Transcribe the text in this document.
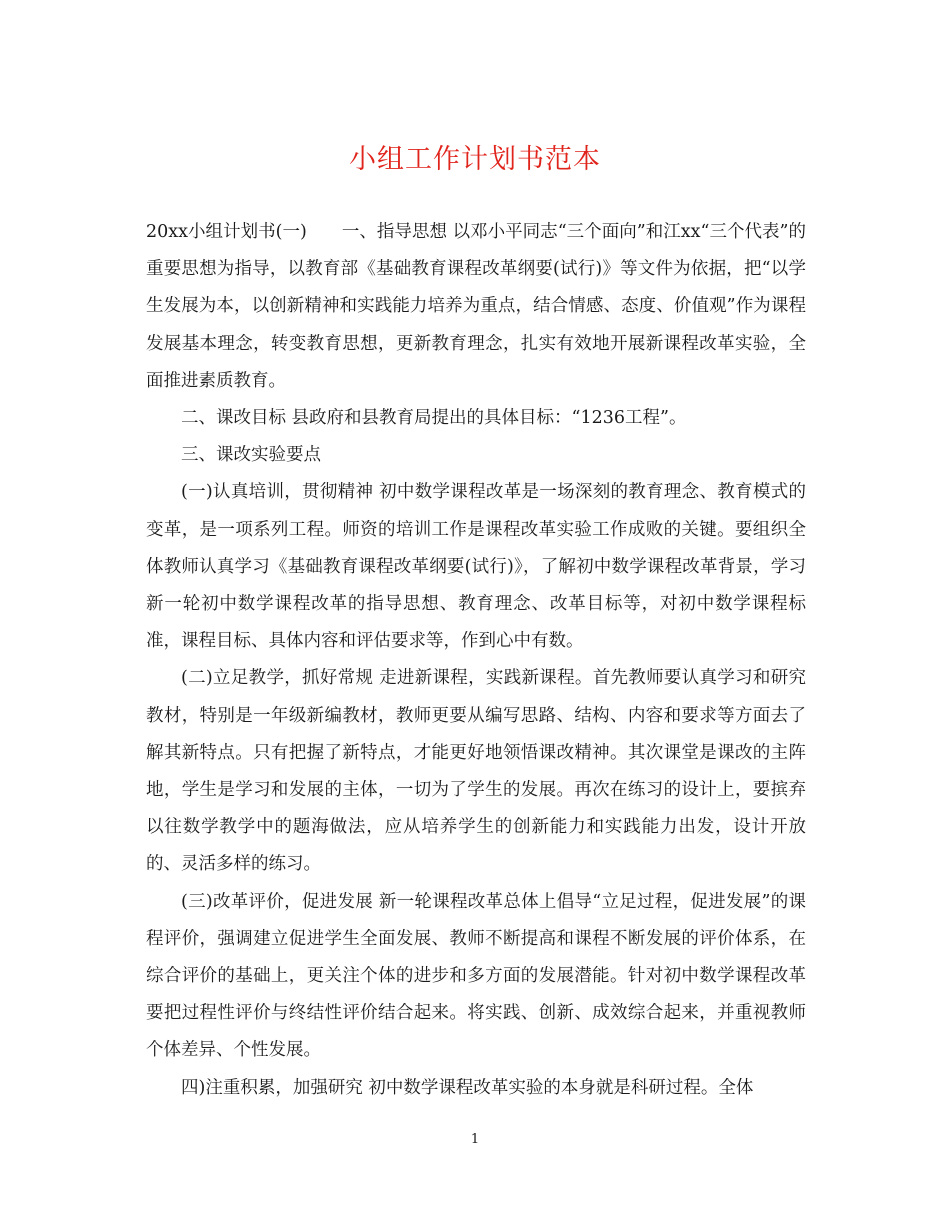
小组工作计划书范本

20xx小组计划书(一)　　一、指导思想 以邓小平同志“三个面向”和江xx“三个代表”的重要思想为指导，以教育部《基础教育课程改革纲要(试行)》等文件为依据，把“以学生发展为本，以创新精神和实践能力培养为重点，结合情感、态度、价值观”作为课程发展基本理念，转变教育思想，更新教育理念，扎实有效地开展新课程改革实验，全面推进素质教育。

二、课改目标 县政府和县教育局提出的具体目标：“1236工程”。

三、课改实验要点

(一)认真培训，贯彻精神 初中数学课程改革是一场深刻的教育理念、教育模式的变革，是一项系列工程。师资的培训工作是课程改革实验工作成败的关键。要组织全体教师认真学习《基础教育课程改革纲要(试行)》，了解初中数学课程改革背景，学习新一轮初中数学课程改革的指导思想、教育理念、改革目标等，对初中数学课程标准，课程目标、具体内容和评估要求等，作到心中有数。

(二)立足教学，抓好常规 走进新课程，实践新课程。首先教师要认真学习和研究教材，特别是一年级新编教材，教师更要从编写思路、结构、内容和要求等方面去了解其新特点。只有把握了新特点，才能更好地领悟课改精神。其次课堂是课改的主阵地，学生是学习和发展的主体，一切为了学生的发展。再次在练习的设计上，要摈弃以往数学教学中的题海做法，应从培养学生的创新能力和实践能力出发，设计开放的、灵活多样的练习。

(三)改革评价，促进发展 新一轮课程改革总体上倡导“立足过程，促进发展”的课程评价，强调建立促进学生全面发展、教师不断提高和课程不断发展的评价体系，在综合评价的基础上，更关注个体的进步和多方面的发展潜能。针对初中数学课程改革要把过程性评价与终结性评价结合起来。将实践、创新、成效综合起来，并重视教师个体差异、个性发展。

四)注重积累，加强研究 初中数学课程改革实验的本身就是科研过程。全体

1
